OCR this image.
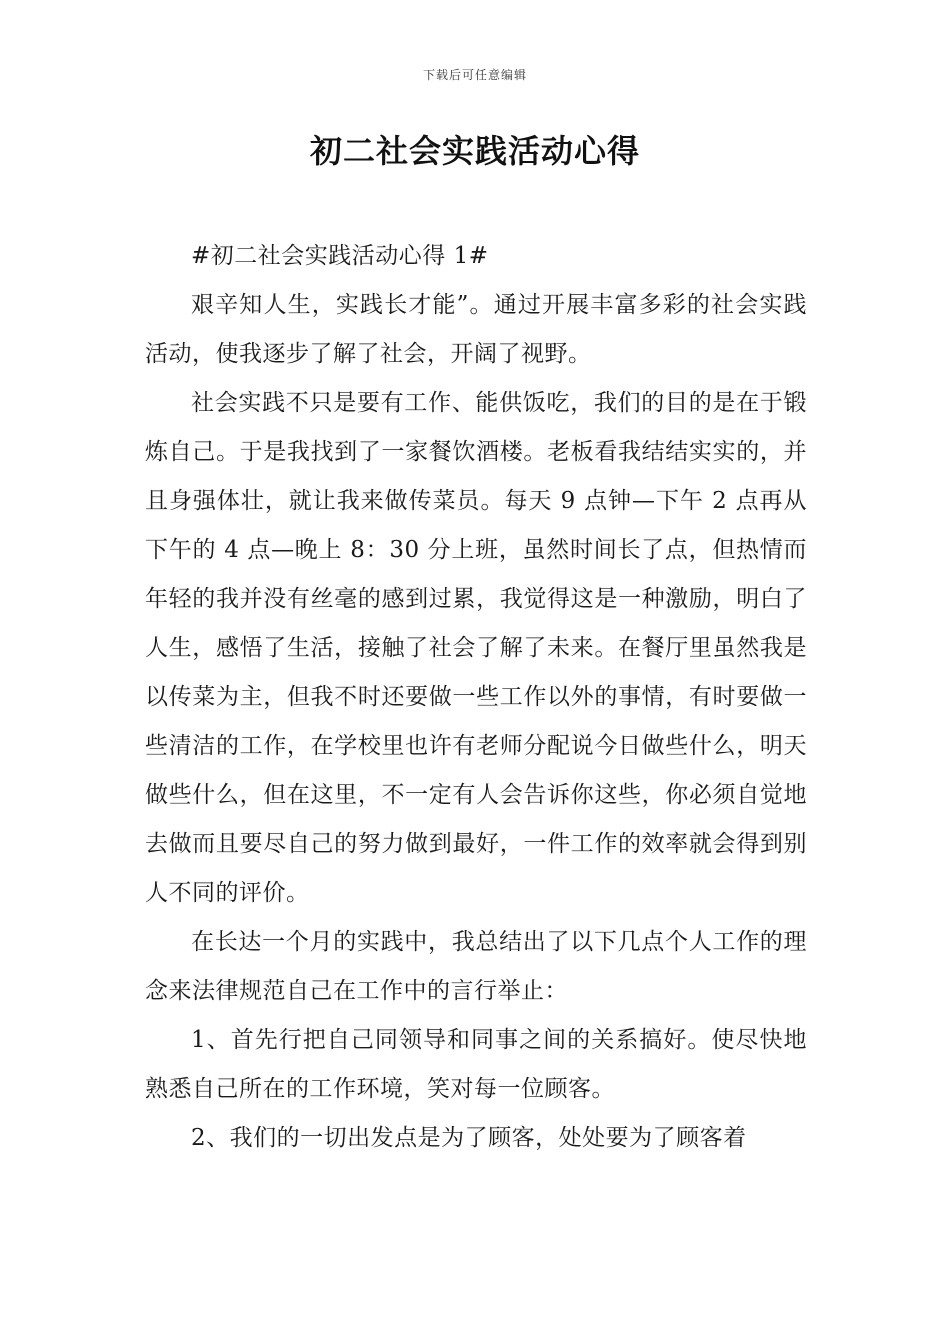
下载后可任意编辑
初二社会实践活动心得

#初二社会实践活动心得 1#

艰辛知人生，实践长才能”。通过开展丰富多彩的社会实践活动，使我逐步了解了社会，开阔了视野。

社会实践不只是要有工作、能供饭吃，我们的目的是在于锻炼自己。于是我找到了一家餐饮酒楼。老板看我结结实实的，并且身强体壮，就让我来做传菜员。每天 9 点钟—下午 2 点再从下午的 4 点—晚上 8：30 分上班，虽然时间长了点，但热情而年轻的我并没有丝毫的感到过累，我觉得这是一种激励，明白了人生，感悟了生活，接触了社会了解了未来。在餐厅里虽然我是以传菜为主，但我不时还要做一些工作以外的事情，有时要做一些清洁的工作，在学校里也许有老师分配说今日做些什么，明天做些什么，但在这里，不一定有人会告诉你这些，你必须自觉地去做而且要尽自己的努力做到最好，一件工作的效率就会得到别人不同的评价。

在长达一个月的实践中，我总结出了以下几点个人工作的理念来法律规范自己在工作中的言行举止：

1、首先行把自己同领导和同事之间的关系搞好。使尽快地熟悉自己所在的工作环境，笑对每一位顾客。

2、我们的一切出发点是为了顾客，处处要为了顾客着
